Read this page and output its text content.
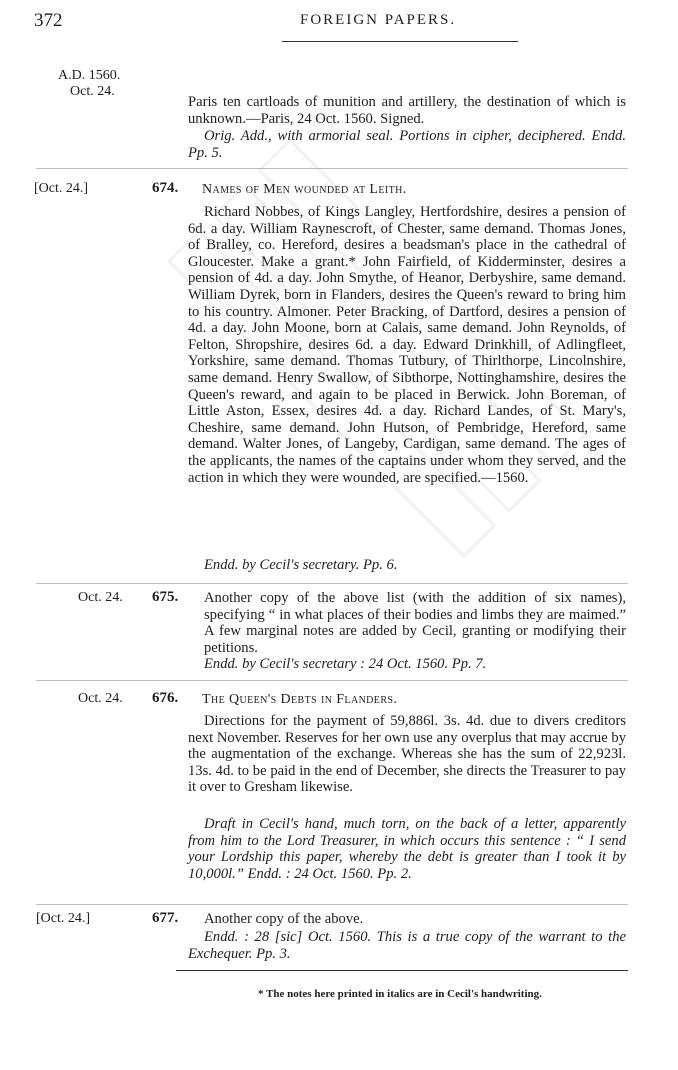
372	FOREIGN PAPERS.
A.D. 1560.
Oct. 24.
Paris ten cartloads of munition and artillery, the destination of which is unknown.—Paris, 24 Oct. 1560. Signed.
Orig. Add., with armorial seal. Portions in cipher, deciphered. Endd. Pp. 5.
[Oct. 24.]	674. Names of Men wounded at Leith.
Richard Nobbes, of Kings Langley, Hertfordshire, desires a pension of 6d. a day. William Raynescroft, of Chester, same demand. Thomas Jones, of Bralley, co. Hereford, desires a beadsman's place in the cathedral of Gloucester. Make a grant.* John Fairfield, of Kidderminster, desires a pension of 4d. a day. John Smythe, of Heanor, Derbyshire, same demand. William Dyrek, born in Flanders, desires the Queen's reward to bring him to his country. Almoner. Peter Bracking, of Dartford, desires a pension of 4d. a day. John Moone, born at Calais, same demand. John Reynolds, of Felton, Shropshire, desires 6d. a day. Edward Drinkhill, of Adlingfleet, Yorkshire, same demand. Thomas Tutbury, of Thirlthorpe, Lincolnshire, same demand. Henry Swallow, of Sibthorpe, Nottinghamshire, desires the Queen's reward, and again to be placed in Berwick. John Boreman, of Little Aston, Essex, desires 4d. a day. Richard Landes, of St. Mary's, Cheshire, same demand. John Hutson, of Pembridge, Hereford, same demand. Walter Jones, of Langeby, Cardigan, same demand. The ages of the applicants, the names of the captains under whom they served, and the action in which they were wounded, are specified.—1560.
Endd. by Cecil's secretary. Pp. 6.
Oct. 24. 675. Another copy of the above list (with the addition of six names), specifying “ in what places of their bodies and limbs they are maimed.” A few marginal notes are added by Cecil, granting or modifying their petitions.
Endd. by Cecil's secretary : 24 Oct. 1560. Pp. 7.
Oct. 24. 676. The Queen's Debts in Flanders.
Directions for the payment of 59,886l. 3s. 4d. due to divers creditors next November. Reserves for her own use any overplus that may accrue by the augmentation of the exchange. Whereas she has the sum of 22,923l. 13s. 4d. to be paid in the end of December, she directs the Treasurer to pay it over to Gresham likewise.
Draft in Cecil's hand, much torn, on the back of a letter, apparently from him to the Lord Treasurer, in which occurs this sentence : “ I send your Lordship this paper, whereby the debt is greater than I took it by 10,000l.” Endd. : 24 Oct. 1560. Pp. 2.
[Oct. 24.]	677. Another copy of the above.
Endd. : 28 [sic] Oct. 1560. This is a true copy of the warrant to the Exchequer. Pp. 3.
* The notes here printed in italics are in Cecil's handwriting.
